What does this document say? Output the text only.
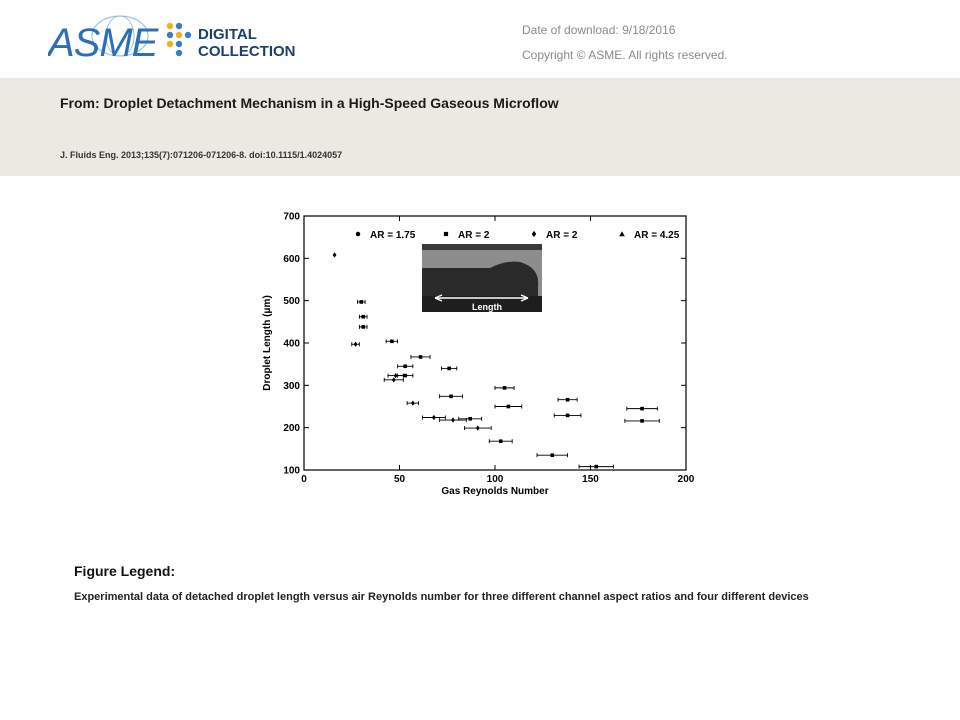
ASME	DIGITAL
COLLECTION
Date of download: 9/18/2016
Copyright © ASME. All rights reserved.
From: Droplet Detachment Mechanism in a High-Speed Gaseous Microflow
J. Fluids Eng. 2013;135(7):071206-071206-8. doi:10.1115/1.4024057
0	50	100	150	200
100
200
300
400
500
600
700
Gas Reynolds Number
Droplet Length (μm)
AR = 1.75	AR = 2	AR = 2	AR = 4.25
Length
Figure Legend:
Experimental data of detached droplet length versus air Reynolds number for three different channel aspect ratios and four different devices
